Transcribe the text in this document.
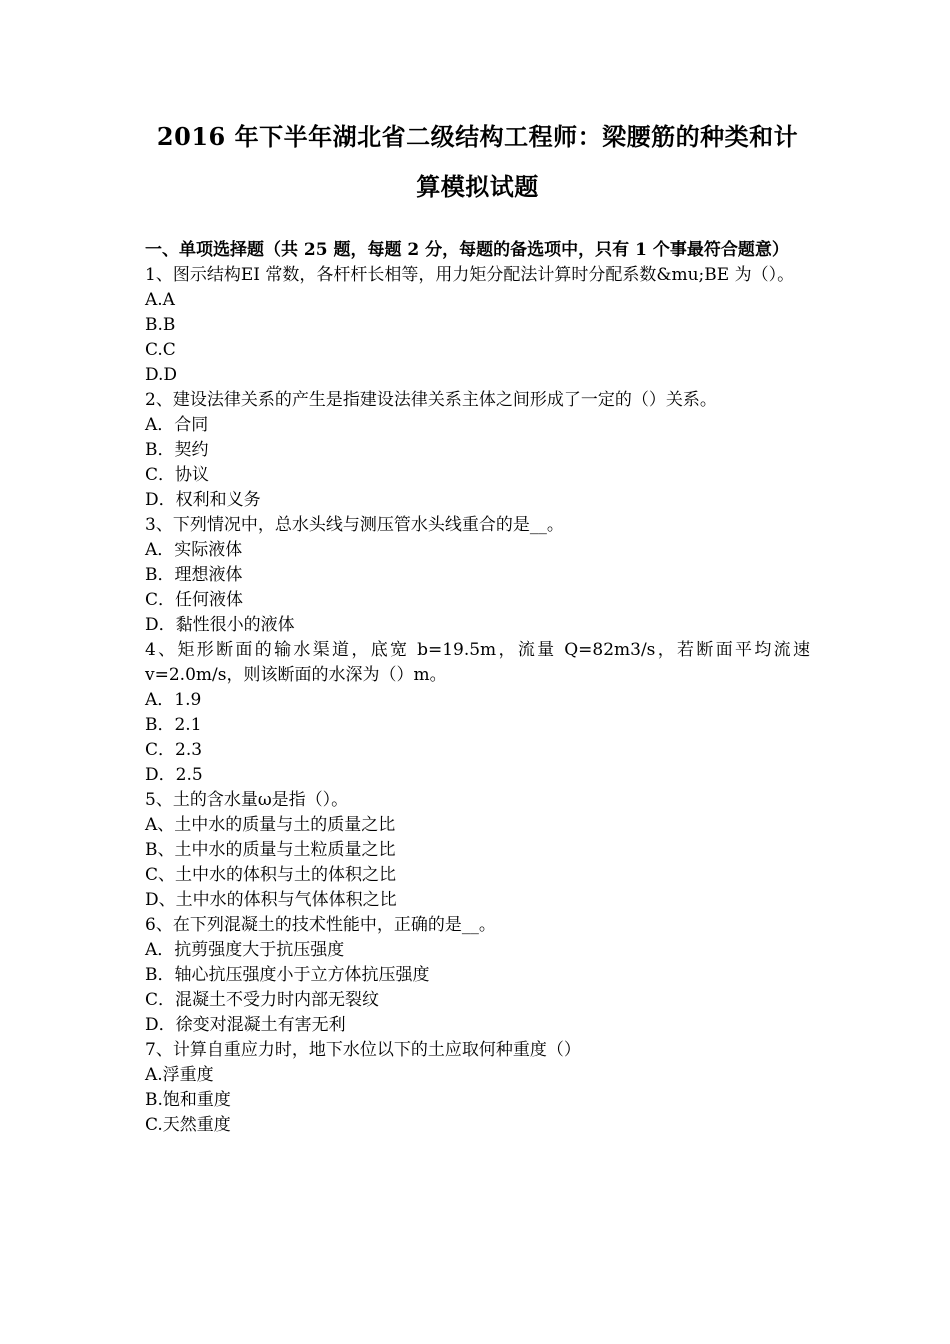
2016 年下半年湖北省二级结构工程师：梁腰筋的种类和计算模拟试题
一、单项选择题（共 25 题，每题 2 分，每题的备选项中，只有 1 个事最符合题意）
1、图示结构EI 常数，各杆杆长相等，用力矩分配法计算时分配系数&mu;BE 为（）。
A.A
B.B
C.C
D.D
2、建设法律关系的产生是指建设法律关系主体之间形成了一定的（）关系。
A．合同
B．契约
C．协议
D．权利和义务
3、下列情况中，总水头线与测压管水头线重合的是__。
A．实际液体
B．理想液体
C．任何液体
D．黏性很小的液体
4、矩形断面的输水渠道，底宽 b=19.5m，流量 Q=82m3/s，若断面平均流速 v=2.0m/s，则该断面的水深为（）m。
A．1.9
B．2.1
C．2.3
D．2.5
5、土的含水量ω是指（）。
A、土中水的质量与土的质量之比
B、土中水的质量与土粒质量之比
C、土中水的体积与土的体积之比
D、土中水的体积与气体体积之比
6、在下列混凝土的技术性能中，正确的是__。
A．抗剪强度大于抗压强度
B．轴心抗压强度小于立方体抗压强度
C．混凝土不受力时内部无裂纹
D．徐变对混凝土有害无利
7、计算自重应力时，地下水位以下的土应取何种重度（）
A.浮重度
B.饱和重度
C.天然重度
